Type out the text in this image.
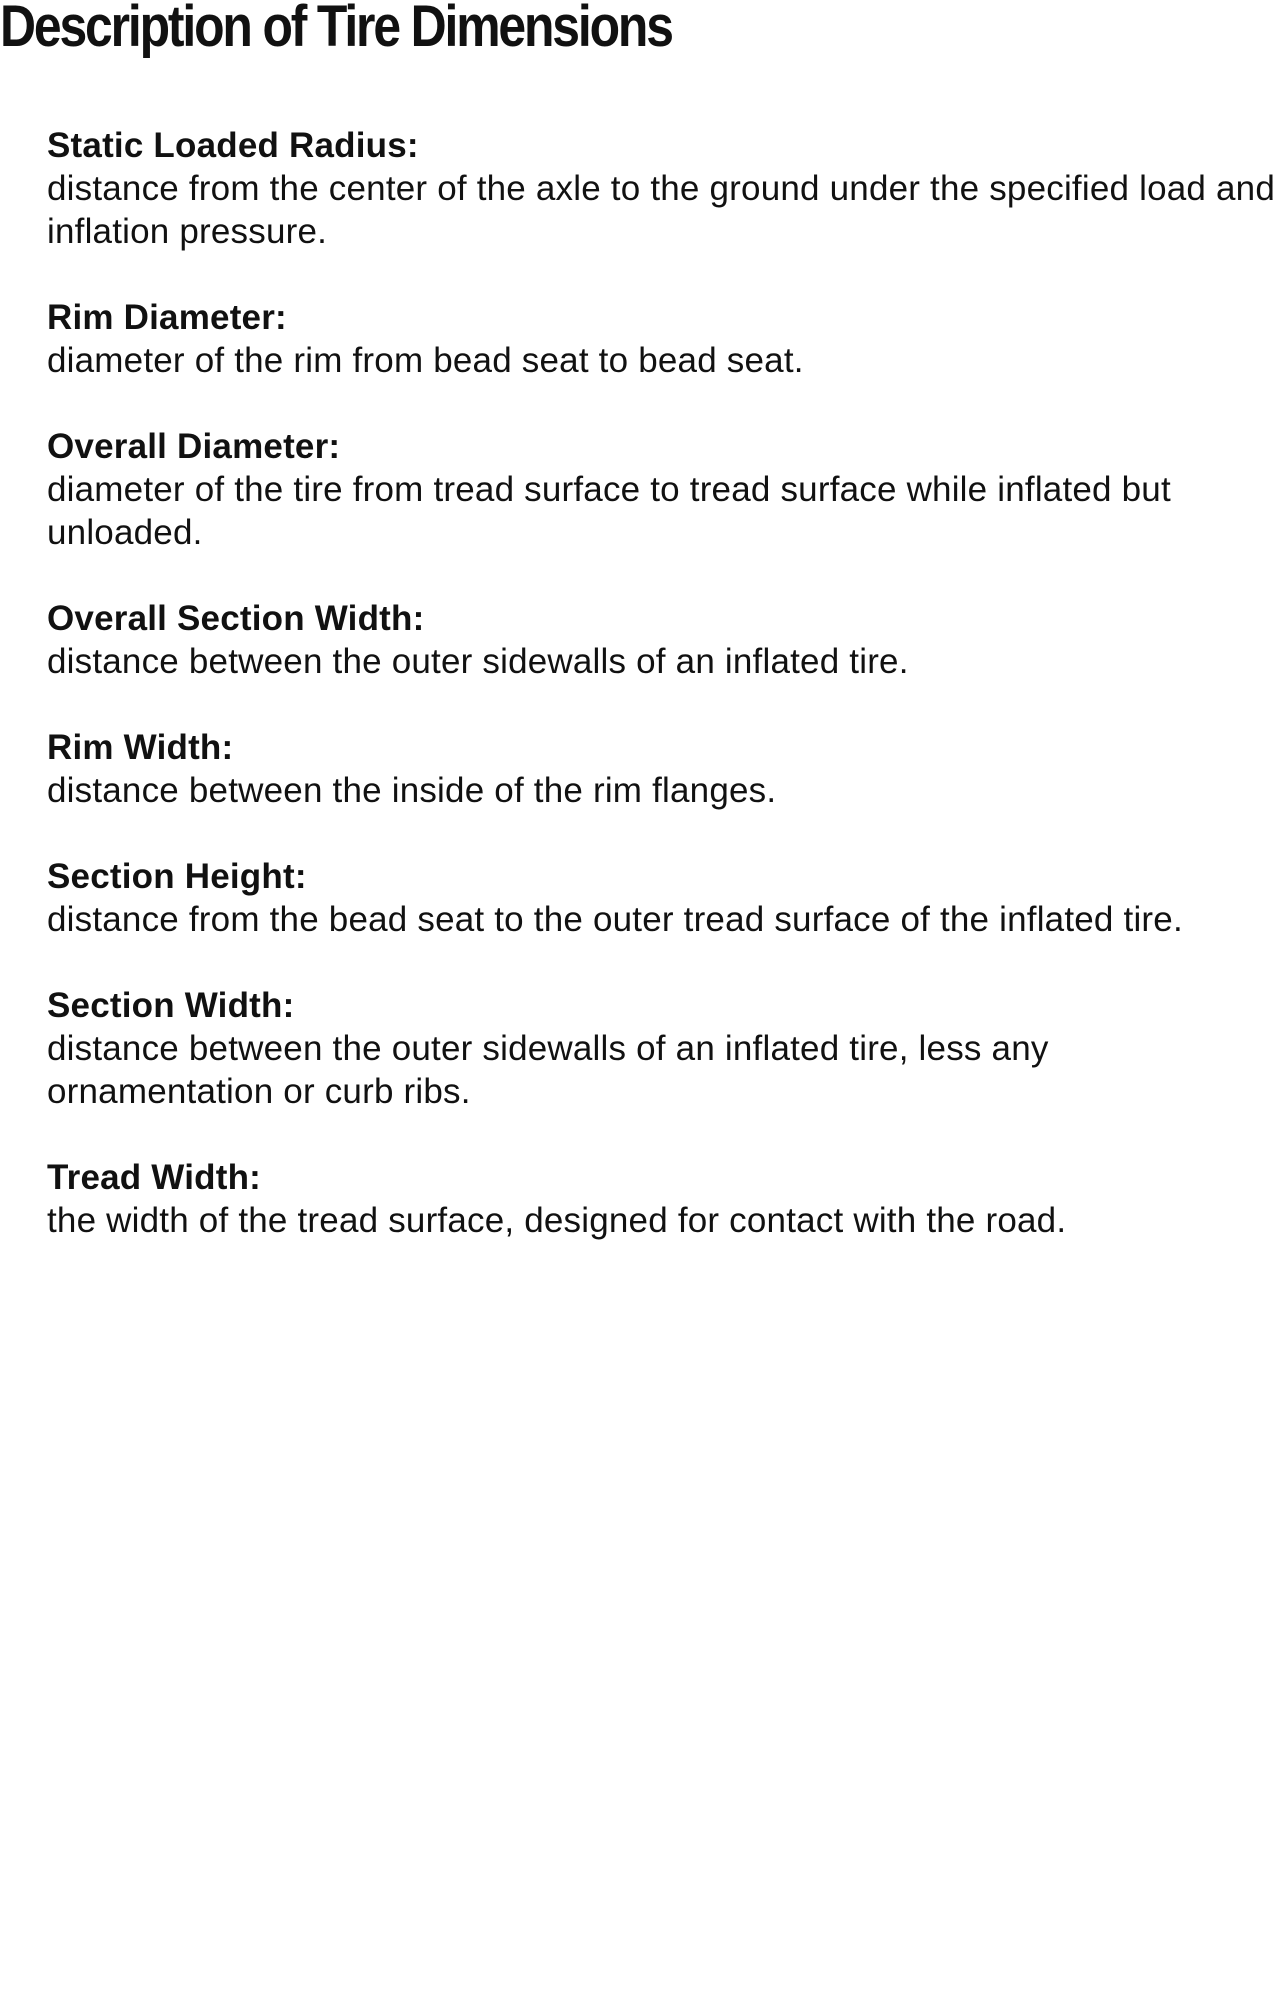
Description of Tire Dimensions
Static Loaded Radius:
distance from the center of the axle to the ground under the specified load and inflation pressure.
Rim Diameter:
diameter of the rim from bead seat to bead seat.
Overall Diameter:
diameter of the tire from tread surface to tread surface while inflated but unloaded.
Overall Section Width:
distance between the outer sidewalls of an inflated tire.
Rim Width:
distance between the inside of the rim flanges.
Section Height:
distance from the bead seat to the outer tread surface of the inflated tire.
Section Width:
distance between the outer sidewalls of an inflated tire, less any ornamentation or curb ribs.
Tread Width:
the width of the tread surface, designed for contact with the road.
